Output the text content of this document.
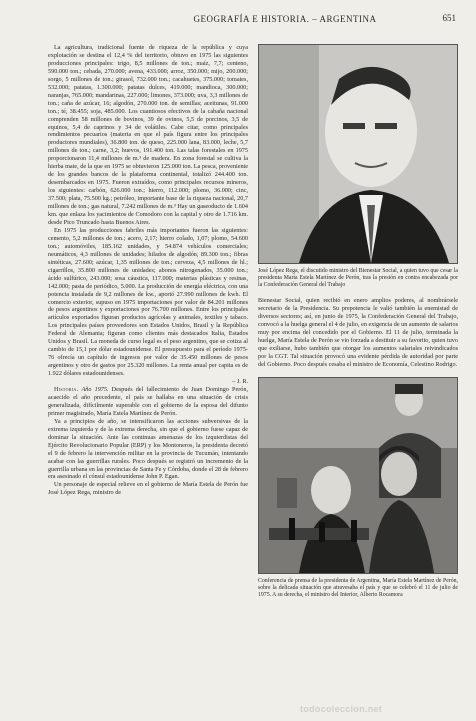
GEOGRAFÍA E HISTORIA. – ARGENTINA	651

La agricultura, tradicional fuente de riqueza de la república y cuya explotación se destina el 12,4 % del territorio, obtuvo en 1975 las siguientes producciones principales: trigo, 8,5 millones de ton.; maíz, 7,7; centeno, 590.000 ton.; cebada, 270.000; avena, 433.000; arroz, 350.000; mijo, 200.000; sorgo, 5 millones de ton.; girasol, 732.000 ton.; cacahuetes, 375.000; tomates, 532.000; patatas, 1.300.000; patatas dulces, 419.000; mandioca, 300.000; naranjas, 765.000; mandarinas, 227.000; limones, 373.000; uva, 3,3 millones de ton.; caña de azúcar, 16; algodón, 270.000 ton. de semillas; aceitunas, 91.000 ton.; té, 38.455; soja, 485.000. Los cuantiosos efectivos de la cabaña nacional comprenden 58 millones de bovinos, 39 de ovinos, 5,5 de porcinos, 3,5 de equinos, 5,4 de caprinos y 34 de volátiles. Cabe citar, como principales rendimientos pecuarios (materia en que el país figura entre los principales productores mundiales), 36.800 ton. de queso, 225.000 lana, 83.000, leche, 5,7 millones de ton.; carne, 3,2; huevos, 191.400 ton. Las talas forestales en 1975 proporcionaron 11,4 millones de m.³ de madera. En zona forestal se cultiva la hierba mate, de la que en 1975 se obtuvieron 125.000 ton. La pesca, proveniente de los grandes bancos de la plataforma continental, totalizó 244.400 ton. desembarcados en 1975. Fueron extraídos, como principales recursos mineros, los siguientes: carbón, 626.000 ton.; hierro, 112.000; plomo, 36.000; cinc, 37.500; plata, 75.500 kg.; petróleo, importante base de la riqueza nacional, 20,7 millones de ton.; gas natural, 7.242 millones de m.³ Hay un gaseoducto de 1.604 km. que enlaza los yacimientos de Comodoro con la capital y otro de 1.716 km. desde Pico Truncado hasta Buenos Aires.

En 1975 las producciones fabriles más importantes fueron las siguientes: cemento, 5,2 millones de ton.; acero, 2,17; hierro colado, 1,07; plomo, 54.600 ton.; automóviles, 185.162 unidades, y 54.874 vehículos comerciales; neumáticos, 4,3 millones de unidades; hilados de algodón, 89.300 ton.; fibras sintéticas, 27.600; azúcar, 1,35 millones de ton.; cerveza, 4,5 millones de hl.; cigarrillos, 35.800 millones de unidades; abonos nitrogenados, 35.000 ton.; ácido sulfúrico, 243.000; sosa cáustica, 117.000; materias plásticas y resinas, 142.000; pasta de periódico, 5.000. La producción de energía eléctrica, con una potencia instalada de 9,2 millones de kw., aportó 27.990 millones de kwh. El comercio exterior, supuso en 1975 importaciones por valor de 84.201 millones de pesos argentinos y exportaciones por 76.700 millones. Entre los principales artículos exportados figuran productos agrícolas y animales, textiles y tabaco. Los principales países proveedores son Estados Unidos, Brasil y la República Federal de Alemania; figuran como clientes más destacados Italia, Estados Unidos y Brasil. La moneda de curso legal es el peso argentino, que se cotiza al cambio de 15,1 por dólar estadounidense. El presupuesto para el período 1975-76 ofrecía un capítulo de ingresos por valor de 35.450 millones de pesos argentinos y otro de gastos por 25.320 millones. La renta anual per capita es de 1.922 dólares estadounidenses.

– J. R.

Historia. Año 1975. Después del fallecimiento de Juan Domingo Perón, acaecido el año precedente, el país se hallaba en una situación de crisis generalizada, difícilmente superable con el gobierno de la esposa del difunto primer magistrado, María Estela Martínez de Perón.

Ya a principios de año, se intensificaron las acciones subversivas de la extrema izquierda y de la extrema derecha, sin que el gobierno fuese capaz de dominar la situación. Ante las continuas amenazas de los izquierdistas del Ejército Revolucionario Popular (ERP) y los Montoneros, la presidenta decretó el 9 de febrero la intervención militar en la provincia de Tucumán, intentando acabar con las guerrillas rurales. Poco después se registró un incremento de la guerrilla urbana en las provincias de Santa Fe y Córdoba, donde el 28 de febrero era asesinado el cónsul estadounidense John P. Egan.

Un personaje de especial relieve en el gobierno de María Estela de Perón fue José López Rega, ministro de

José López Rega, el discutido ministro del Bienestar Social, a quien tuvo que cesar la presidenta María Estela Martínez de Perón, tras la presión en contra encabezada por la Confederación General del Trabajo

Bienestar Social, quien recibió en enero amplios poderes, al nombrársele secretario de la Presidencia. Su prepotencia le valió también la enemistad de diversos sectores; así, en junio de 1975, la Confederación General del Trabajo, convocó a la huelga general el 4 de julio, en exigencia de un aumento de salarios muy por encima del concedido por el Gobierno. El 11 de julio, terminada la huelga, María Estela de Perón se vio forzada a destituir a su favorito, quien tuvo que exiliarse, hubo también que otorgar los aumentos salariales reivindicados por la CGT. Tal situación provocó una evidente pérdida de autoridad por parte del Gobierno. Poco después cesaba el ministro de Economía, Celestino Rodrigo.

Conferencia de prensa de la presidenta de Argentina, María Estela Martínez de Perón, sobre la delicada situación que atravesaba el país y que se celebró el 11 de julio de 1975. A su derecha, el ministro del Interior, Alberto Rocamora

todocoleccion.net
